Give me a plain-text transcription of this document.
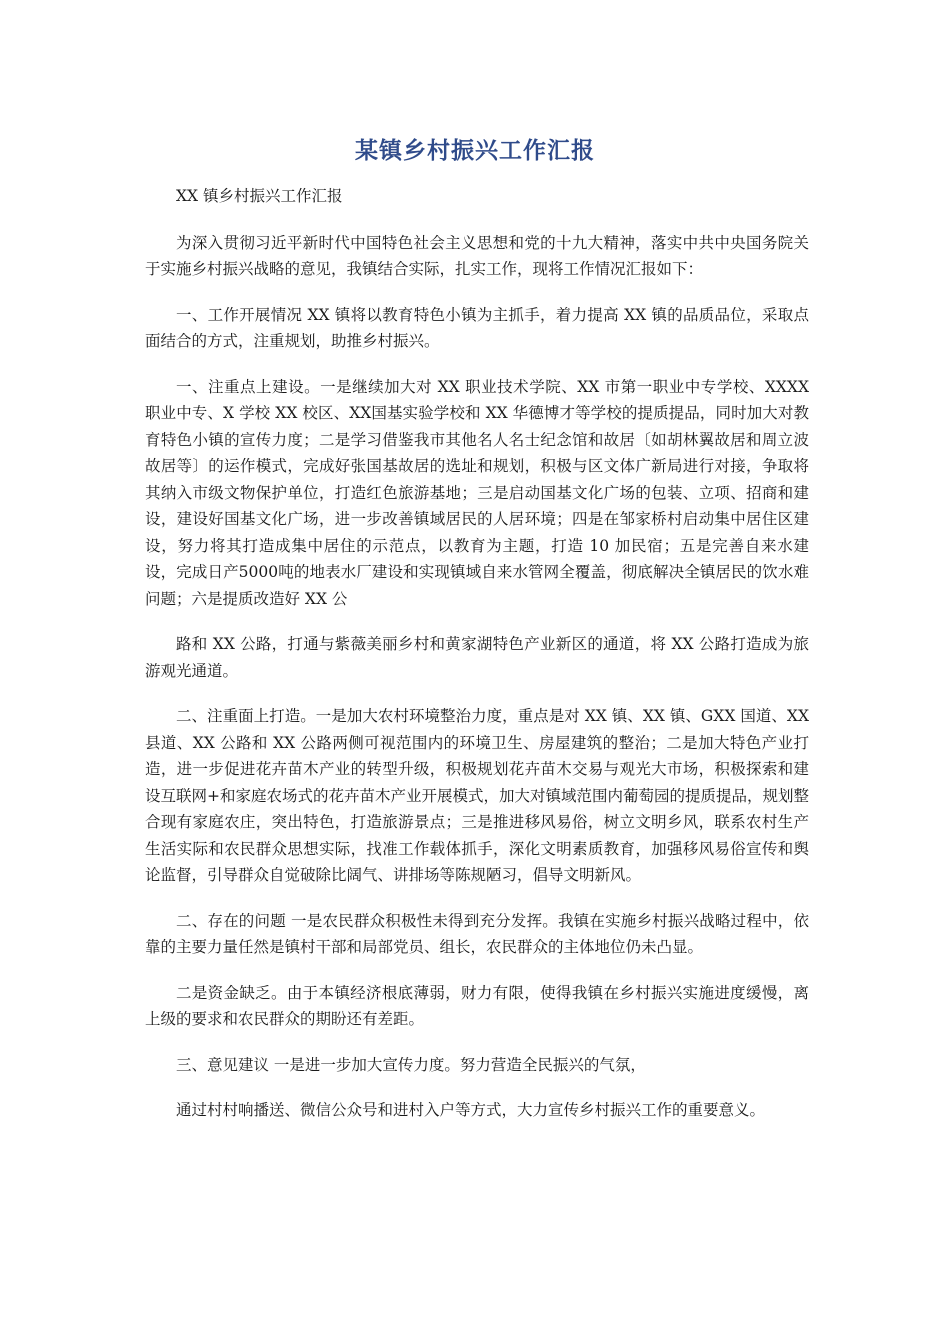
某镇乡村振兴工作汇报

XX 镇乡村振兴工作汇报

为深入贯彻习近平新时代中国特色社会主义思想和党的十九大精神，落实中共中央国务院关于实施乡村振兴战略的意见，我镇结合实际，扎实工作，现将工作情况汇报如下：

一、工作开展情况 XX 镇将以教育特色小镇为主抓手，着力提高 XX 镇的品质品位，采取点面结合的方式，注重规划，助推乡村振兴。

一、注重点上建设。一是继续加大对 XX 职业技术学院、XX 市第一职业中专学校、XXXX 职业中专、X 学校 XX 校区、XX国基实验学校和 XX 华德博才等学校的提质提品，同时加大对教育特色小镇的宣传力度；二是学习借鉴我市其他名人名士纪念馆和故居〔如胡林翼故居和周立波故居等〕的运作模式，完成好张国基故居的选址和规划，积极与区文体广新局进行对接，争取将其纳入市级文物保护单位，打造红色旅游基地；三是启动国基文化广场的包装、立项、招商和建设，建设好国基文化广场，进一步改善镇域居民的人居环境；四是在邹家桥村启动集中居住区建设，努力将其打造成集中居住的示范点，以教育为主题，打造 10 加民宿；五是完善自来水建设，完成日产5000吨的地表水厂建设和实现镇域自来水管网全覆盖，彻底解决全镇居民的饮水难问题；六是提质改造好 XX 公

路和 XX 公路，打通与紫薇美丽乡村和黄家湖特色产业新区的通道，将 XX 公路打造成为旅游观光通道。

二、注重面上打造。一是加大农村环境整治力度，重点是对 XX 镇、XX 镇、GXX 国道、XX 县道、XX 公路和 XX 公路两侧可视范围内的环境卫生、房屋建筑的整治；二是加大特色产业打造，进一步促进花卉苗木产业的转型升级，积极规划花卉苗木交易与观光大市场，积极探索和建设互联网+和家庭农场式的花卉苗木产业开展模式，加大对镇域范围内葡萄园的提质提品，规划整合现有家庭农庄，突出特色，打造旅游景点；三是推进移风易俗，树立文明乡风，联系农村生产生活实际和农民群众思想实际，找准工作载体抓手，深化文明素质教育，加强移风易俗宣传和舆论监督，引导群众自觉破除比阔气、讲排场等陈规陋习，倡导文明新风。

二、存在的问题 一是农民群众积极性未得到充分发挥。我镇在实施乡村振兴战略过程中，依靠的主要力量任然是镇村干部和局部党员、组长，农民群众的主体地位仍未凸显。

二是资金缺乏。由于本镇经济根底薄弱，财力有限，使得我镇在乡村振兴实施进度缓慢，离上级的要求和农民群众的期盼还有差距。

三、意见建议 一是进一步加大宣传力度。努力营造全民振兴的气氛，

通过村村响播送、微信公众号和进村入户等方式，大力宣传乡村振兴工作的重要意义。
